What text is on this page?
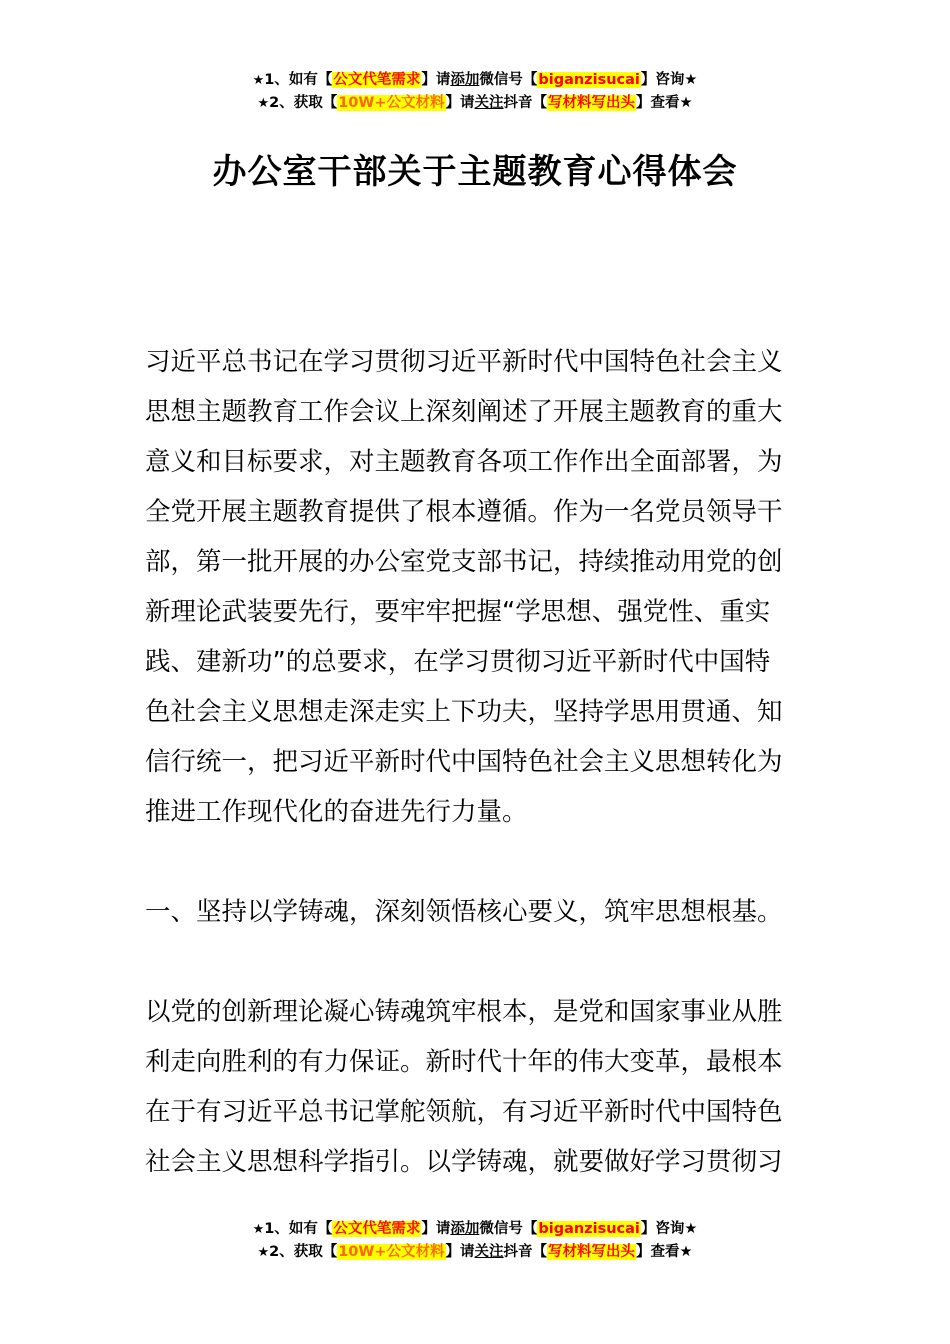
★1、如有【公文代笔需求】请添加微信号【biganzisucai】咨询★
★2、获取【10W+公文材料】请关注抖音【写材料写出头】查看★
办公室干部关于主题教育心得体会
习近平总书记在学习贯彻习近平新时代中国特色社会主义
思想主题教育工作会议上深刻阐述了开展主题教育的重大
意义和目标要求，对主题教育各项工作作出全面部署，为
全党开展主题教育提供了根本遵循。作为一名党员领导干
部，第一批开展的办公室党支部书记，持续推动用党的创
新理论武装要先行，要牢牢把握“学思想、强党性、重实
践、建新功”的总要求，在学习贯彻习近平新时代中国特
色社会主义思想走深走实上下功夫，坚持学思用贯通、知
信行统一，把习近平新时代中国特色社会主义思想转化为
推进工作现代化的奋进先行力量。
一、坚持以学铸魂，深刻领悟核心要义，筑牢思想根基。
以党的创新理论凝心铸魂筑牢根本，是党和国家事业从胜
利走向胜利的有力保证。新时代十年的伟大变革，最根本
在于有习近平总书记掌舵领航，有习近平新时代中国特色
社会主义思想科学指引。以学铸魂，就要做好学习贯彻习
★1、如有【公文代笔需求】请添加微信号【biganzisucai】咨询★
★2、获取【10W+公文材料】请关注抖音【写材料写出头】查看★
